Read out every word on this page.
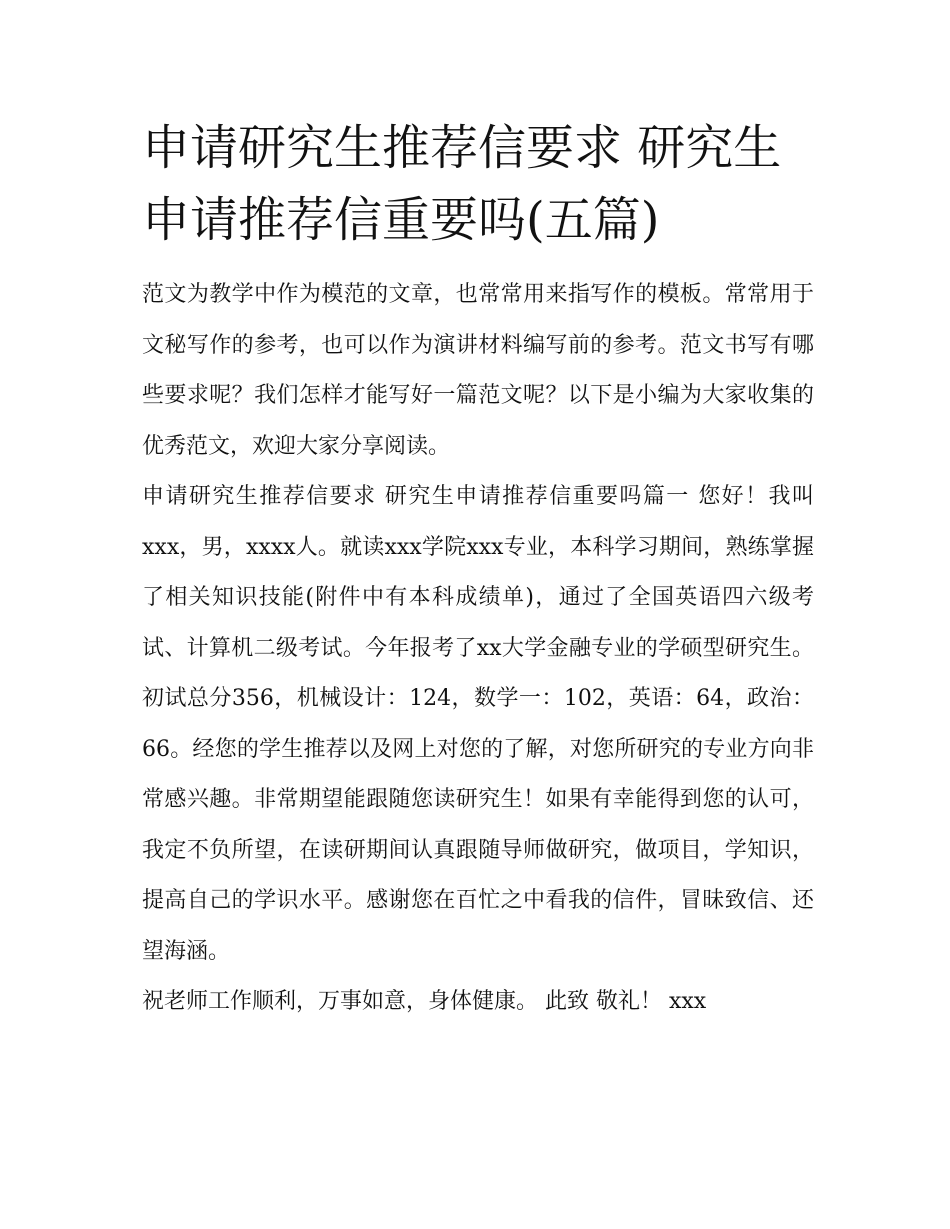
申请研究生推荐信要求 研究生申请推荐信重要吗(五篇)

范文为教学中作为模范的文章，也常常用来指写作的模板。常常用于文秘写作的参考，也可以作为演讲材料编写前的参考。范文书写有哪些要求呢？我们怎样才能写好一篇范文呢？以下是小编为大家收集的优秀范文，欢迎大家分享阅读。

申请研究生推荐信要求 研究生申请推荐信重要吗篇一 您好！我叫xxx，男，xxxx人。就读xxx学院xxx专业，本科学习期间，熟练掌握了相关知识技能(附件中有本科成绩单)，通过了全国英语四六级考试、计算机二级考试。今年报考了xx大学金融专业的学硕型研究生。初试总分356，机械设计：124，数学一：102，英语：64，政治：66。经您的学生推荐以及网上对您的了解，对您所研究的专业方向非常感兴趣。非常期望能跟随您读研究生！如果有幸能得到您的认可，我定不负所望，在读研期间认真跟随导师做研究，做项目，学知识，提高自己的学识水平。感谢您在百忙之中看我的信件，冒昧致信、还望海涵。

祝老师工作顺利，万事如意，身体健康。 此致 敬礼！ xxx
